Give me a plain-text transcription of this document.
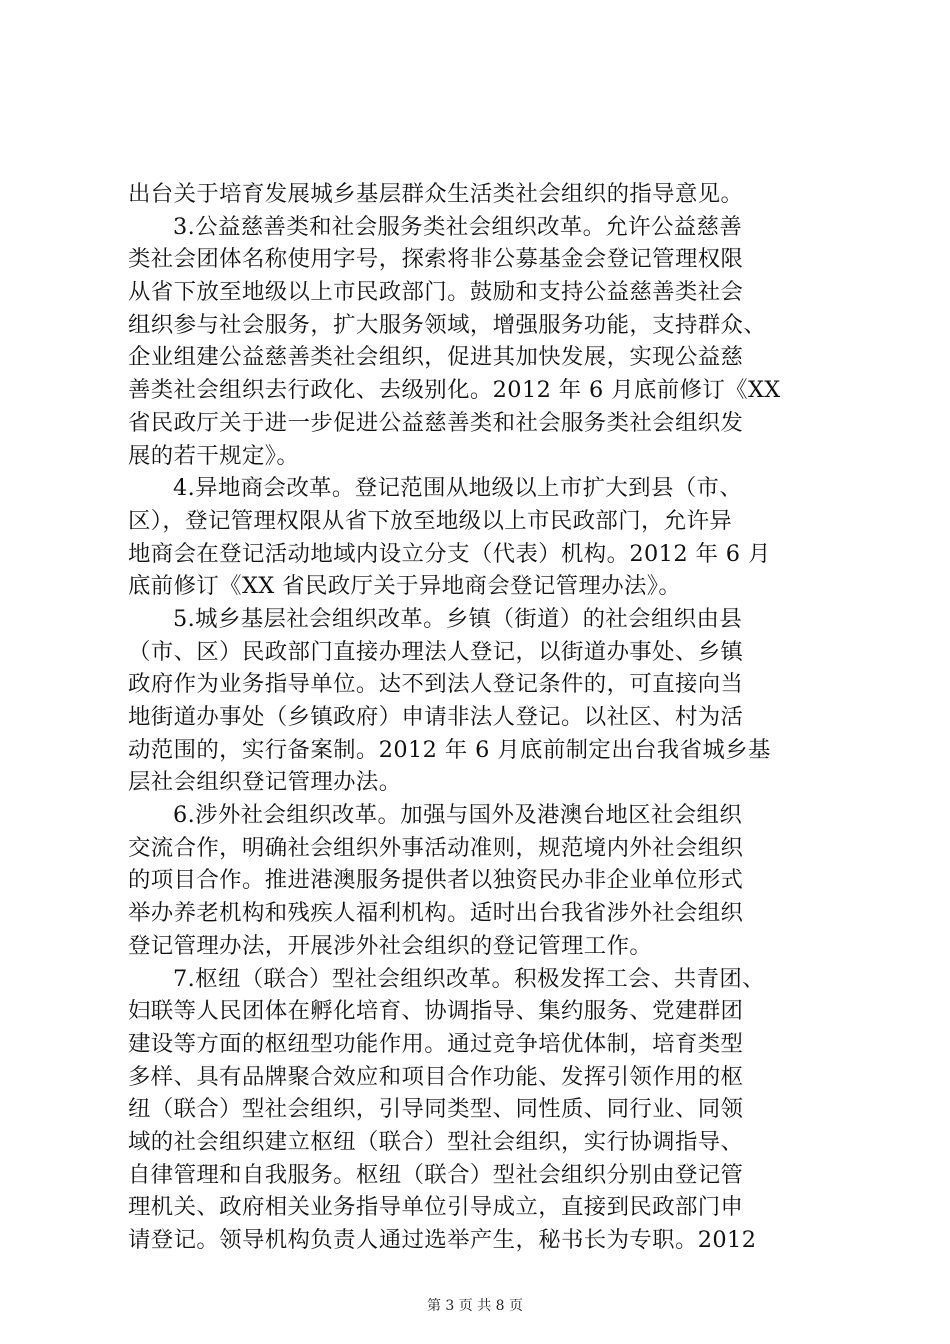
出台关于培育发展城乡基层群众生活类社会组织的指导意见。
3.公益慈善类和社会服务类社会组织改革。允许公益慈善
类社会团体名称使用字号，探索将非公募基金会登记管理权限
从省下放至地级以上市民政部门。鼓励和支持公益慈善类社会
组织参与社会服务，扩大服务领域，增强服务功能，支持群众、
企业组建公益慈善类社会组织，促进其加快发展，实现公益慈
善类社会组织去行政化、去级别化。2012 年 6 月底前修订《XX
省民政厅关于进一步促进公益慈善类和社会服务类社会组织发
展的若干规定》。
4.异地商会改革。登记范围从地级以上市扩大到县（市、
区），登记管理权限从省下放至地级以上市民政部门，允许异
地商会在登记活动地域内设立分支（代表）机构。2012 年 6 月
底前修订《XX 省民政厅关于异地商会登记管理办法》。
5.城乡基层社会组织改革。乡镇（街道）的社会组织由县
（市、区）民政部门直接办理法人登记，以街道办事处、乡镇
政府作为业务指导单位。达不到法人登记条件的，可直接向当
地街道办事处（乡镇政府）申请非法人登记。以社区、村为活
动范围的，实行备案制。2012 年 6 月底前制定出台我省城乡基
层社会组织登记管理办法。
6.涉外社会组织改革。加强与国外及港澳台地区社会组织
交流合作，明确社会组织外事活动准则，规范境内外社会组织
的项目合作。推进港澳服务提供者以独资民办非企业单位形式
举办养老机构和残疾人福利机构。适时出台我省涉外社会组织
登记管理办法，开展涉外社会组织的登记管理工作。
7.枢纽（联合）型社会组织改革。积极发挥工会、共青团、
妇联等人民团体在孵化培育、协调指导、集约服务、党建群团
建设等方面的枢纽型功能作用。通过竞争培优体制，培育类型
多样、具有品牌聚合效应和项目合作功能、发挥引领作用的枢
纽（联合）型社会组织，引导同类型、同性质、同行业、同领
域的社会组织建立枢纽（联合）型社会组织，实行协调指导、
自律管理和自我服务。枢纽（联合）型社会组织分别由登记管
理机关、政府相关业务指导单位引导成立，直接到民政部门申
请登记。领导机构负责人通过选举产生，秘书长为专职。2012
第 3 页 共 8 页
